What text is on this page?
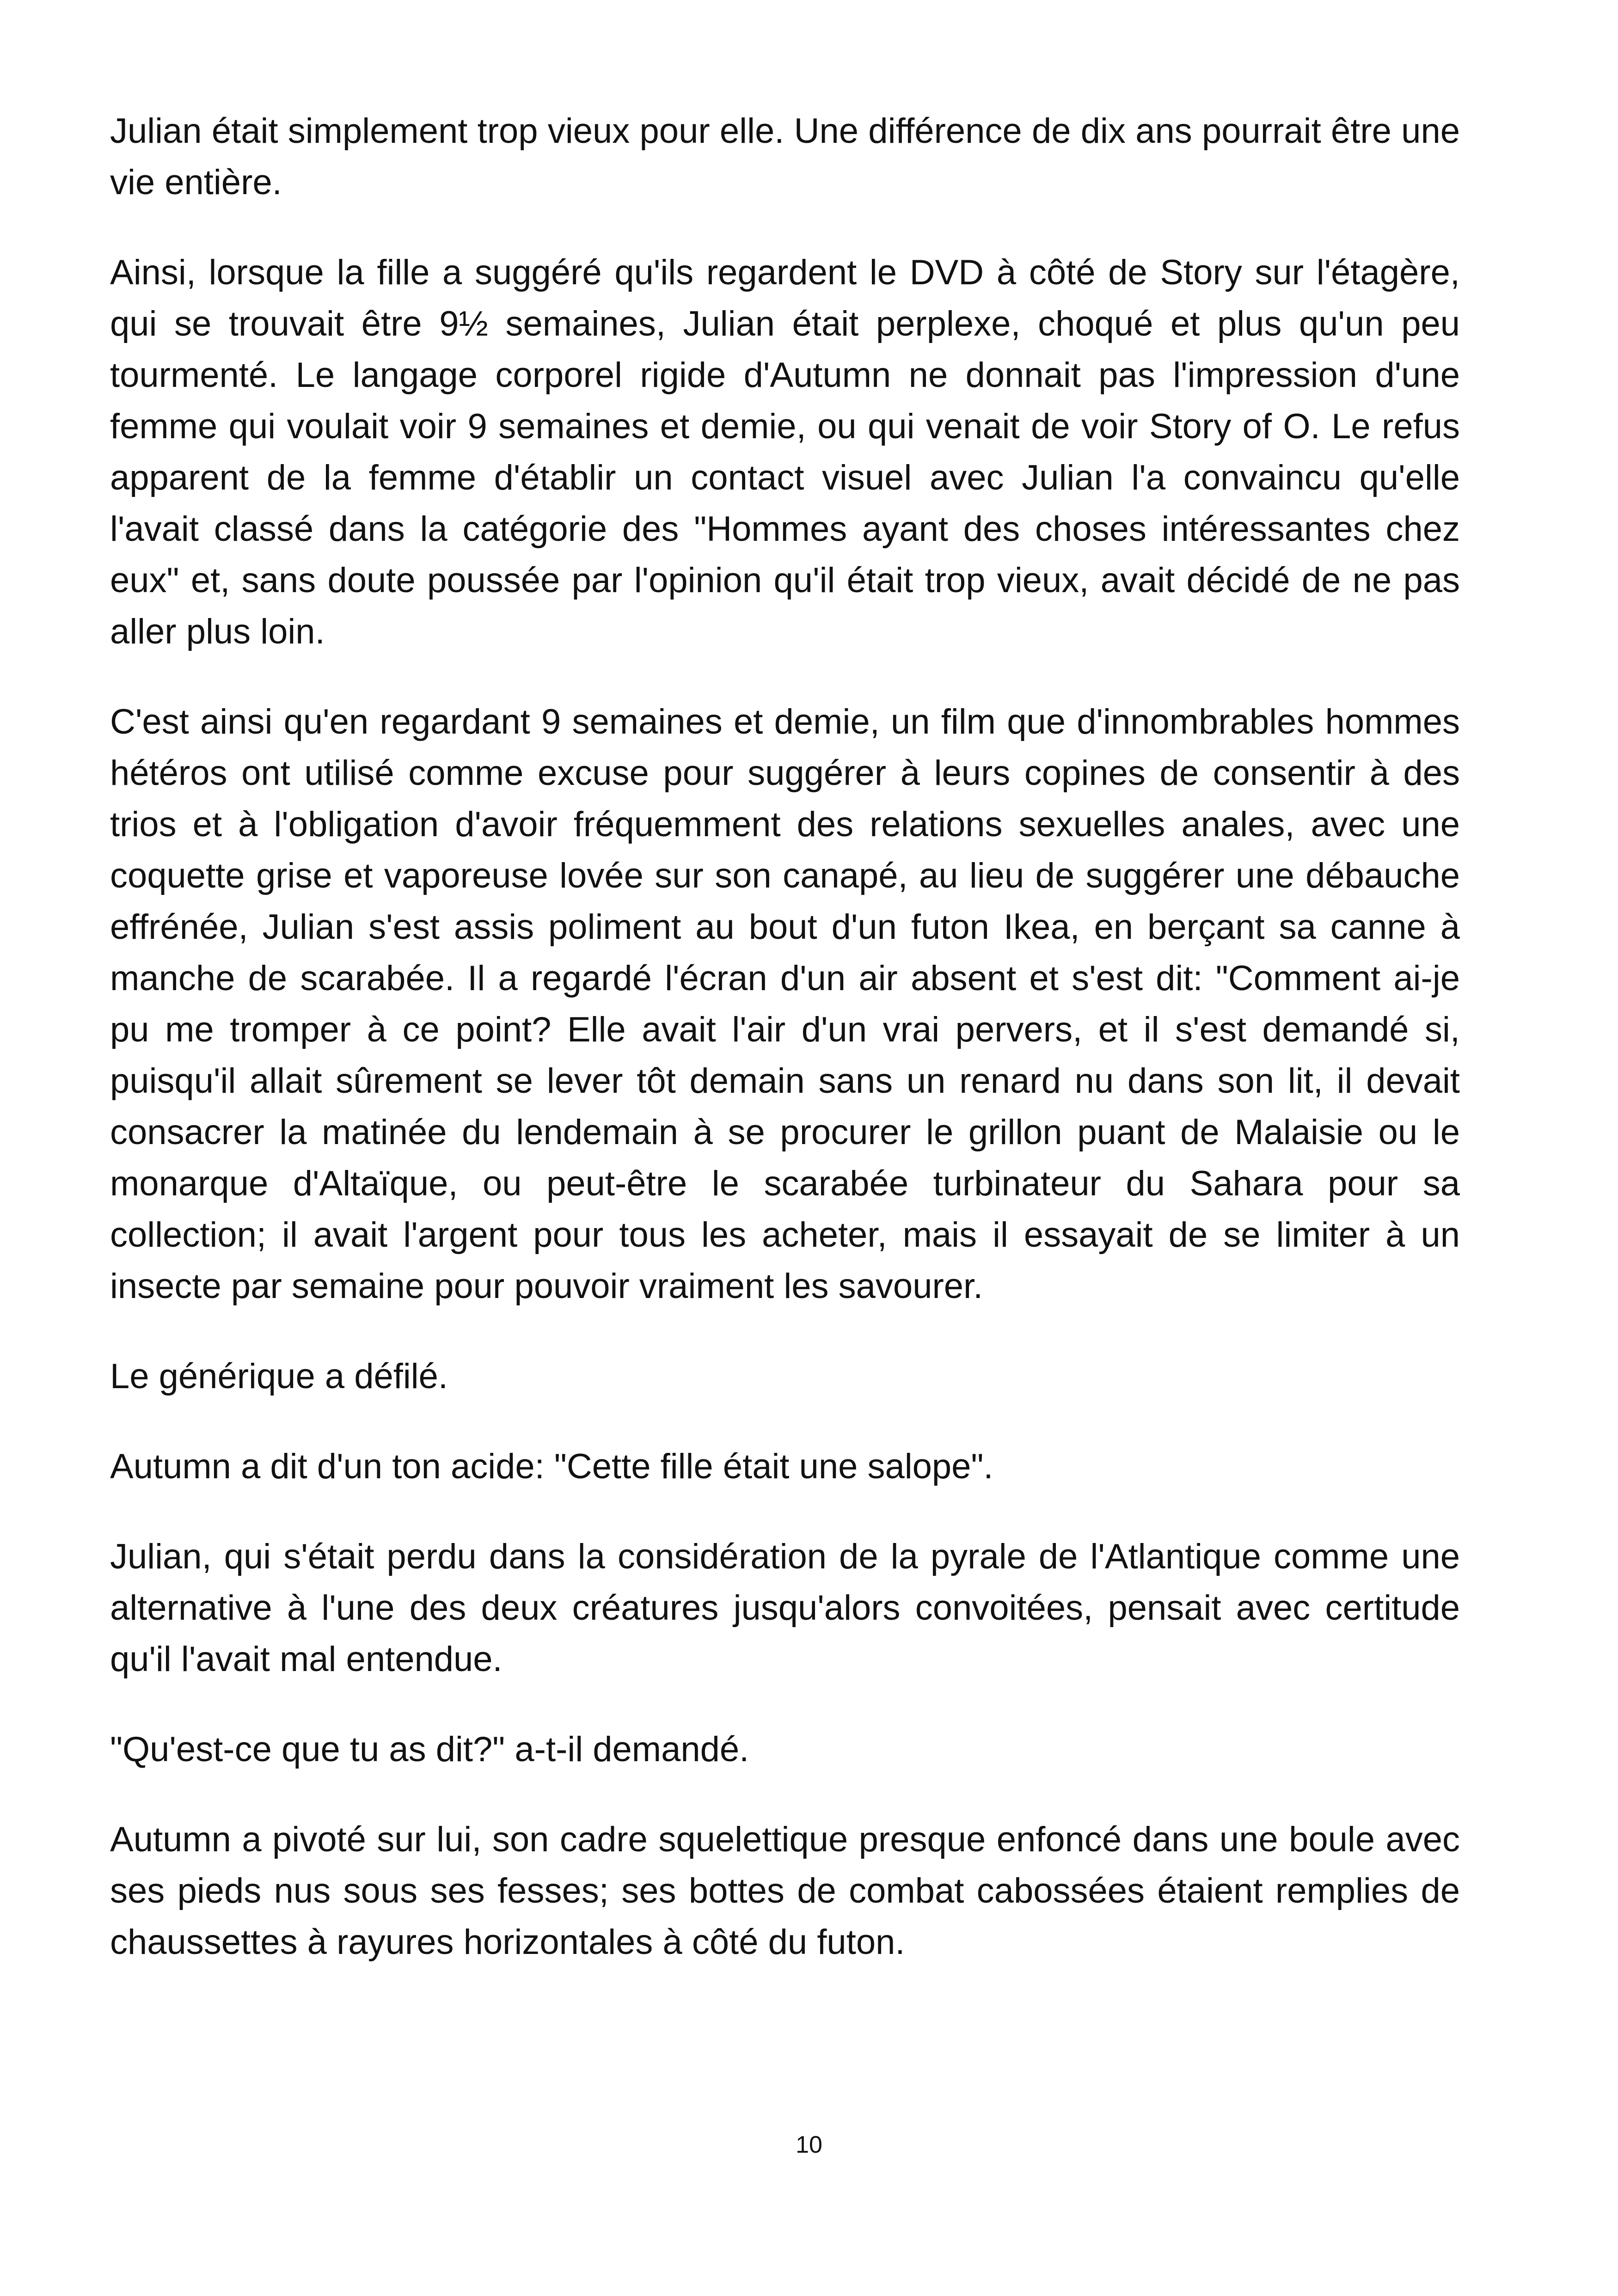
Julian était simplement trop vieux pour elle. Une différence de dix ans pourrait être une vie entière.

Ainsi, lorsque la fille a suggéré qu'ils regardent le DVD à côté de Story sur l'étagère, qui se trouvait être 9½ semaines, Julian était perplexe, choqué et plus qu'un peu tourmenté. Le langage corporel rigide d'Autumn ne donnait pas l'impression d'une femme qui voulait voir 9 semaines et demie, ou qui venait de voir Story of O. Le refus apparent de la femme d'établir un contact visuel avec Julian l'a convaincu qu'elle l'avait classé dans la catégorie des "Hommes ayant des choses intéressantes chez eux" et, sans doute poussée par l'opinion qu'il était trop vieux, avait décidé de ne pas aller plus loin.

C'est ainsi qu'en regardant 9 semaines et demie, un film que d'innombrables hommes hétéros ont utilisé comme excuse pour suggérer à leurs copines de consentir à des trios et à l'obligation d'avoir fréquemment des relations sexuelles anales, avec une coquette grise et vaporeuse lovée sur son canapé, au lieu de suggérer une débauche effrénée, Julian s'est assis poliment au bout d'un futon Ikea, en berçant sa canne à manche de scarabée. Il a regardé l'écran d'un air absent et s'est dit: "Comment ai-je pu me tromper à ce point? Elle avait l'air d'un vrai pervers, et il s'est demandé si, puisqu'il allait sûrement se lever tôt demain sans un renard nu dans son lit, il devait consacrer la matinée du lendemain à se procurer le grillon puant de Malaisie ou le monarque d'Altaïque, ou peut-être le scarabée turbinateur du Sahara pour sa collection; il avait l'argent pour tous les acheter, mais il essayait de se limiter à un insecte par semaine pour pouvoir vraiment les savourer.

Le générique a défilé.

Autumn a dit d'un ton acide: "Cette fille était une salope".

Julian, qui s'était perdu dans la considération de la pyrale de l'Atlantique comme une alternative à l'une des deux créatures jusqu'alors convoitées, pensait avec certitude qu'il l'avait mal entendue.

"Qu'est-ce que tu as dit?" a-t-il demandé.

Autumn a pivoté sur lui, son cadre squelettique presque enfoncé dans une boule avec ses pieds nus sous ses fesses; ses bottes de combat cabossées étaient remplies de chaussettes à rayures horizontales à côté du futon.

10
